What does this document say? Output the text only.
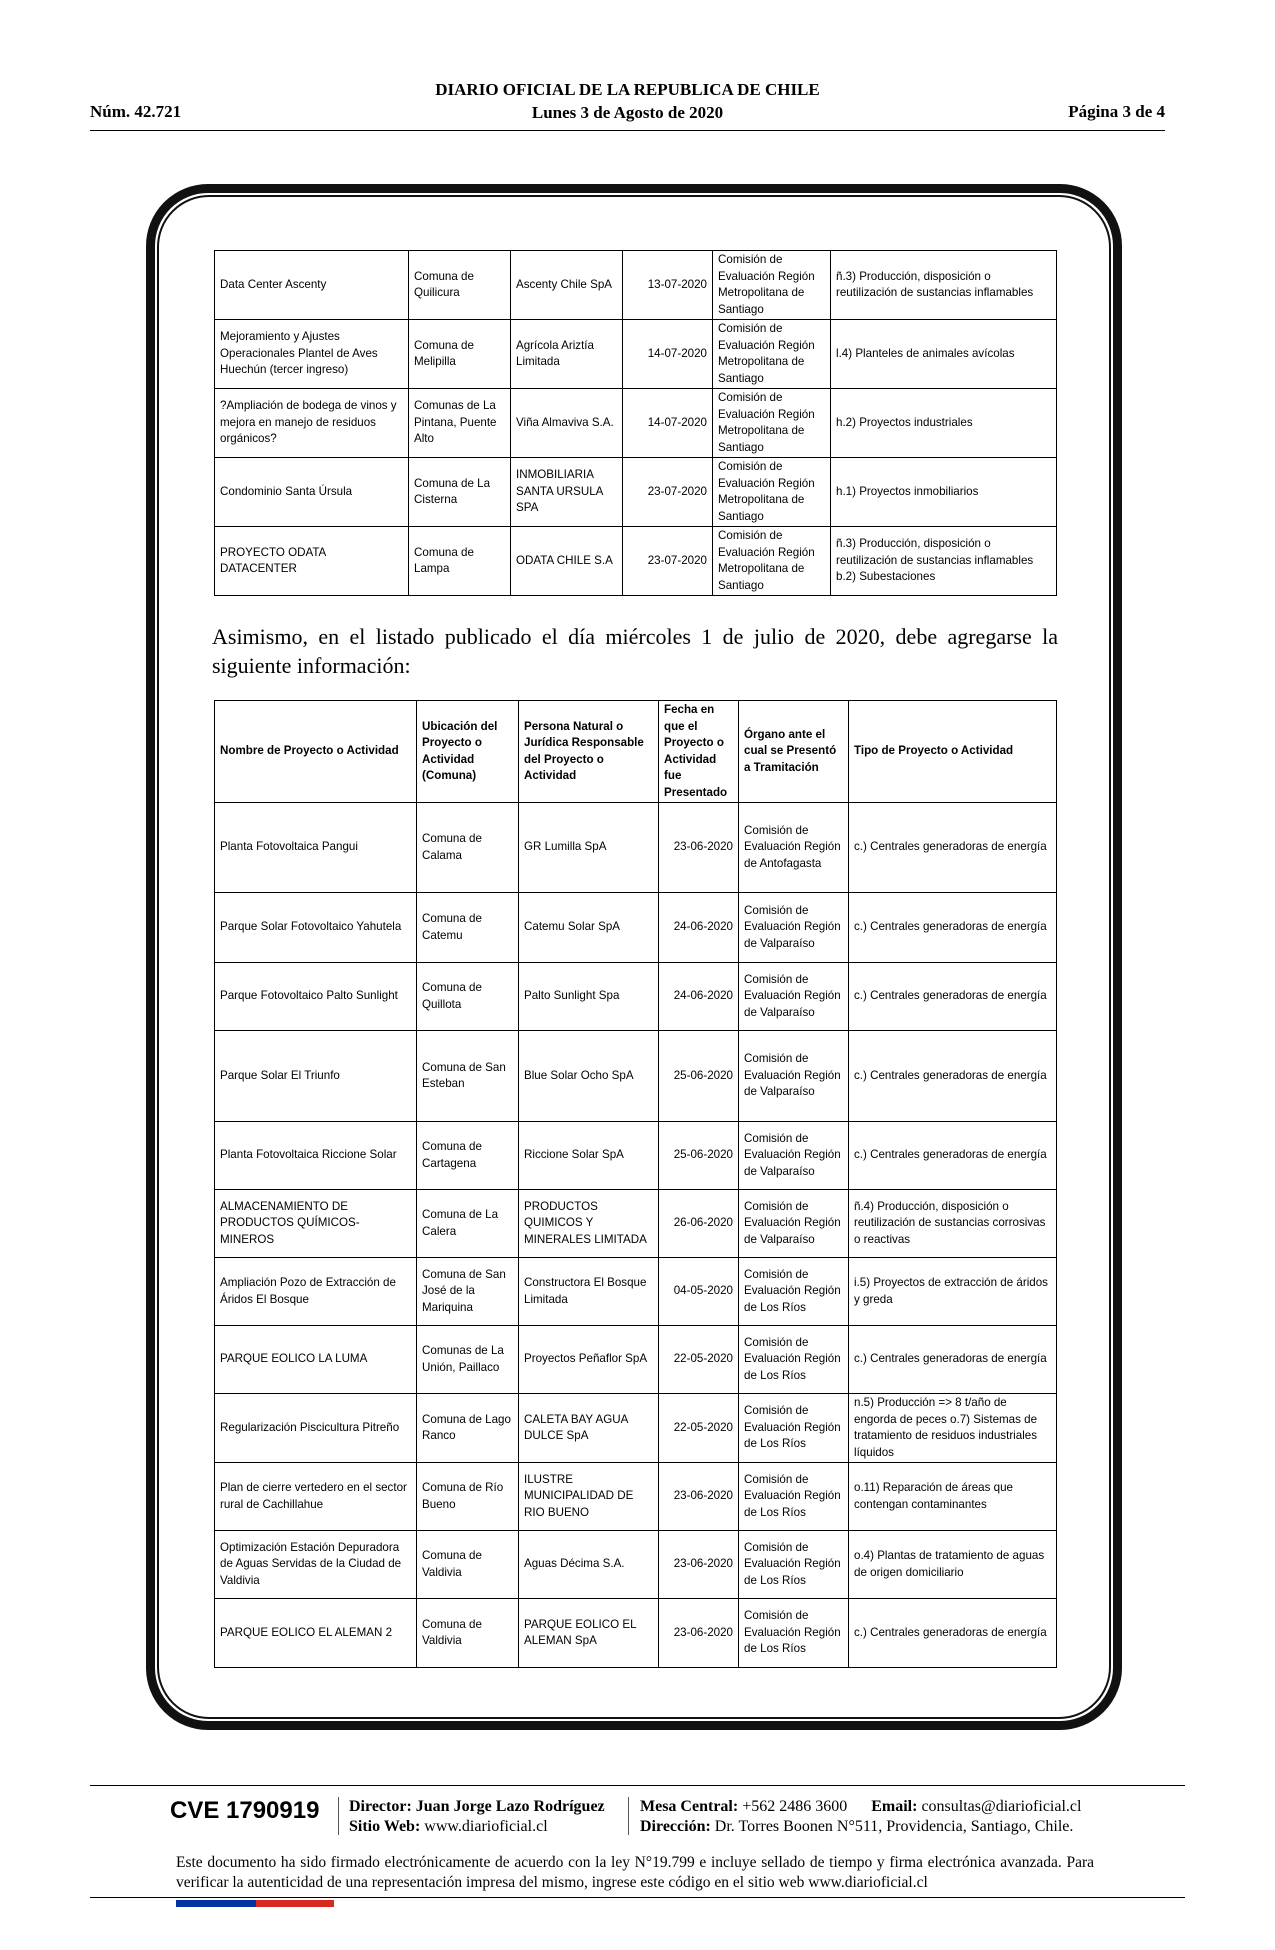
Núm. 42.721
DIARIO OFICIAL DE LA REPUBLICA DE CHILE
Lunes 3 de Agosto de 2020	Página 3 de 4
Data Center Ascenty	Comuna de Quilicura	Ascenty Chile SpA	13-07-2020	Comisión de Evaluación Región Metropolitana de Santiago	ñ.3) Producción, disposición o reutilización de sustancias inflamables
Mejoramiento y Ajustes Operacionales Plantel de Aves Huechún (tercer ingreso)	Comuna de Melipilla	Agrícola Ariztía Limitada	14-07-2020	Comisión de Evaluación Región Metropolitana de Santiago	l.4) Planteles de animales avícolas
?Ampliación de bodega de vinos y mejora en manejo de residuos orgánicos?	Comunas de La Pintana, Puente Alto	Viña Almaviva S.A.	14-07-2020	Comisión de Evaluación Región Metropolitana de Santiago	h.2) Proyectos industriales
Condominio Santa Úrsula	Comuna de La Cisterna	INMOBILIARIA SANTA URSULA SPA	23-07-2020	Comisión de Evaluación Región Metropolitana de Santiago	h.1) Proyectos inmobiliarios
PROYECTO ODATA DATACENTER	Comuna de Lampa	ODATA CHILE S.A	23-07-2020	Comisión de Evaluación Región Metropolitana de Santiago	ñ.3) Producción, disposición o reutilización de sustancias inflamables b.2) Subestaciones
Asimismo, en el listado publicado el día miércoles 1 de julio de 2020, debe agregarse la siguiente información:
Nombre de Proyecto o Actividad	Ubicación del Proyecto o Actividad (Comuna)	Persona Natural o Jurídica Responsable del Proyecto o Actividad	Fecha en que el Proyecto o Actividad fue Presentado	Órgano ante el cual se Presentó a Tramitación	Tipo de Proyecto o Actividad
Planta Fotovoltaica Pangui	Comuna de Calama	GR Lumilla SpA	23-06-2020	Comisión de Evaluación Región de Antofagasta	c.) Centrales generadoras de energía
Parque Solar Fotovoltaico Yahutela	Comuna de Catemu	Catemu Solar SpA	24-06-2020	Comisión de Evaluación Región de Valparaíso	c.) Centrales generadoras de energía
Parque Fotovoltaico Palto Sunlight	Comuna de Quillota	Palto Sunlight Spa	24-06-2020	Comisión de Evaluación Región de Valparaíso	c.) Centrales generadoras de energía
Parque Solar El Triunfo	Comuna de San Esteban	Blue Solar Ocho SpA	25-06-2020	Comisión de Evaluación Región de Valparaíso	c.) Centrales generadoras de energía
Planta Fotovoltaica Riccione Solar	Comuna de Cartagena	Riccione Solar SpA	25-06-2020	Comisión de Evaluación Región de Valparaíso	c.) Centrales generadoras de energía
ALMACENAMIENTO DE PRODUCTOS QUÍMICOS-MINEROS	Comuna de La Calera	PRODUCTOS QUIMICOS Y MINERALES LIMITADA	26-06-2020	Comisión de Evaluación Región de Valparaíso	ñ.4) Producción, disposición o reutilización de sustancias corrosivas o reactivas
Ampliación Pozo de Extracción de Áridos El Bosque	Comuna de San José de la Mariquina	Constructora El Bosque Limitada	04-05-2020	Comisión de Evaluación Región de Los Ríos	i.5) Proyectos de extracción de áridos y greda
PARQUE EOLICO LA LUMA	Comunas de La Unión, Paillaco	Proyectos Peñaflor SpA	22-05-2020	Comisión de Evaluación Región de Los Ríos	c.) Centrales generadoras de energía
Regularización Piscicultura Pitreño	Comuna de Lago Ranco	CALETA BAY AGUA DULCE SpA	22-05-2020	Comisión de Evaluación Región de Los Ríos	n.5) Producción => 8 t/año de engorda de peces o.7) Sistemas de tratamiento de residuos industriales líquidos
Plan de cierre vertedero en el sector rural de Cachillahue	Comuna de Río Bueno	ILUSTRE MUNICIPALIDAD DE RIO BUENO	23-06-2020	Comisión de Evaluación Región de Los Ríos	o.11) Reparación de áreas que contengan contaminantes
Optimización Estación Depuradora de Aguas Servidas de la Ciudad de Valdivia	Comuna de Valdivia	Aguas Décima S.A.	23-06-2020	Comisión de Evaluación Región de Los Ríos	o.4) Plantas de tratamiento de aguas de origen domiciliario
PARQUE EOLICO EL ALEMAN 2	Comuna de Valdivia	PARQUE EOLICO EL ALEMAN SpA	23-06-2020	Comisión de Evaluación Región de Los Ríos	c.) Centrales generadoras de energía
CVE 1790919 Director: Juan Jorge Lazo Rodríguez
Sitio Web: www.diarioficial.cl
Mesa Central: +562 2486 3600 Email: consultas@diarioficial.cl
Dirección: Dr. Torres Boonen N°511, Providencia, Santiago, Chile.
Este documento ha sido firmado electrónicamente de acuerdo con la ley N°19.799 e incluye sellado de tiempo y firma electrónica avanzada. Para verificar la autenticidad de una representación impresa del mismo, ingrese este código en el sitio web www.diarioficial.cl
